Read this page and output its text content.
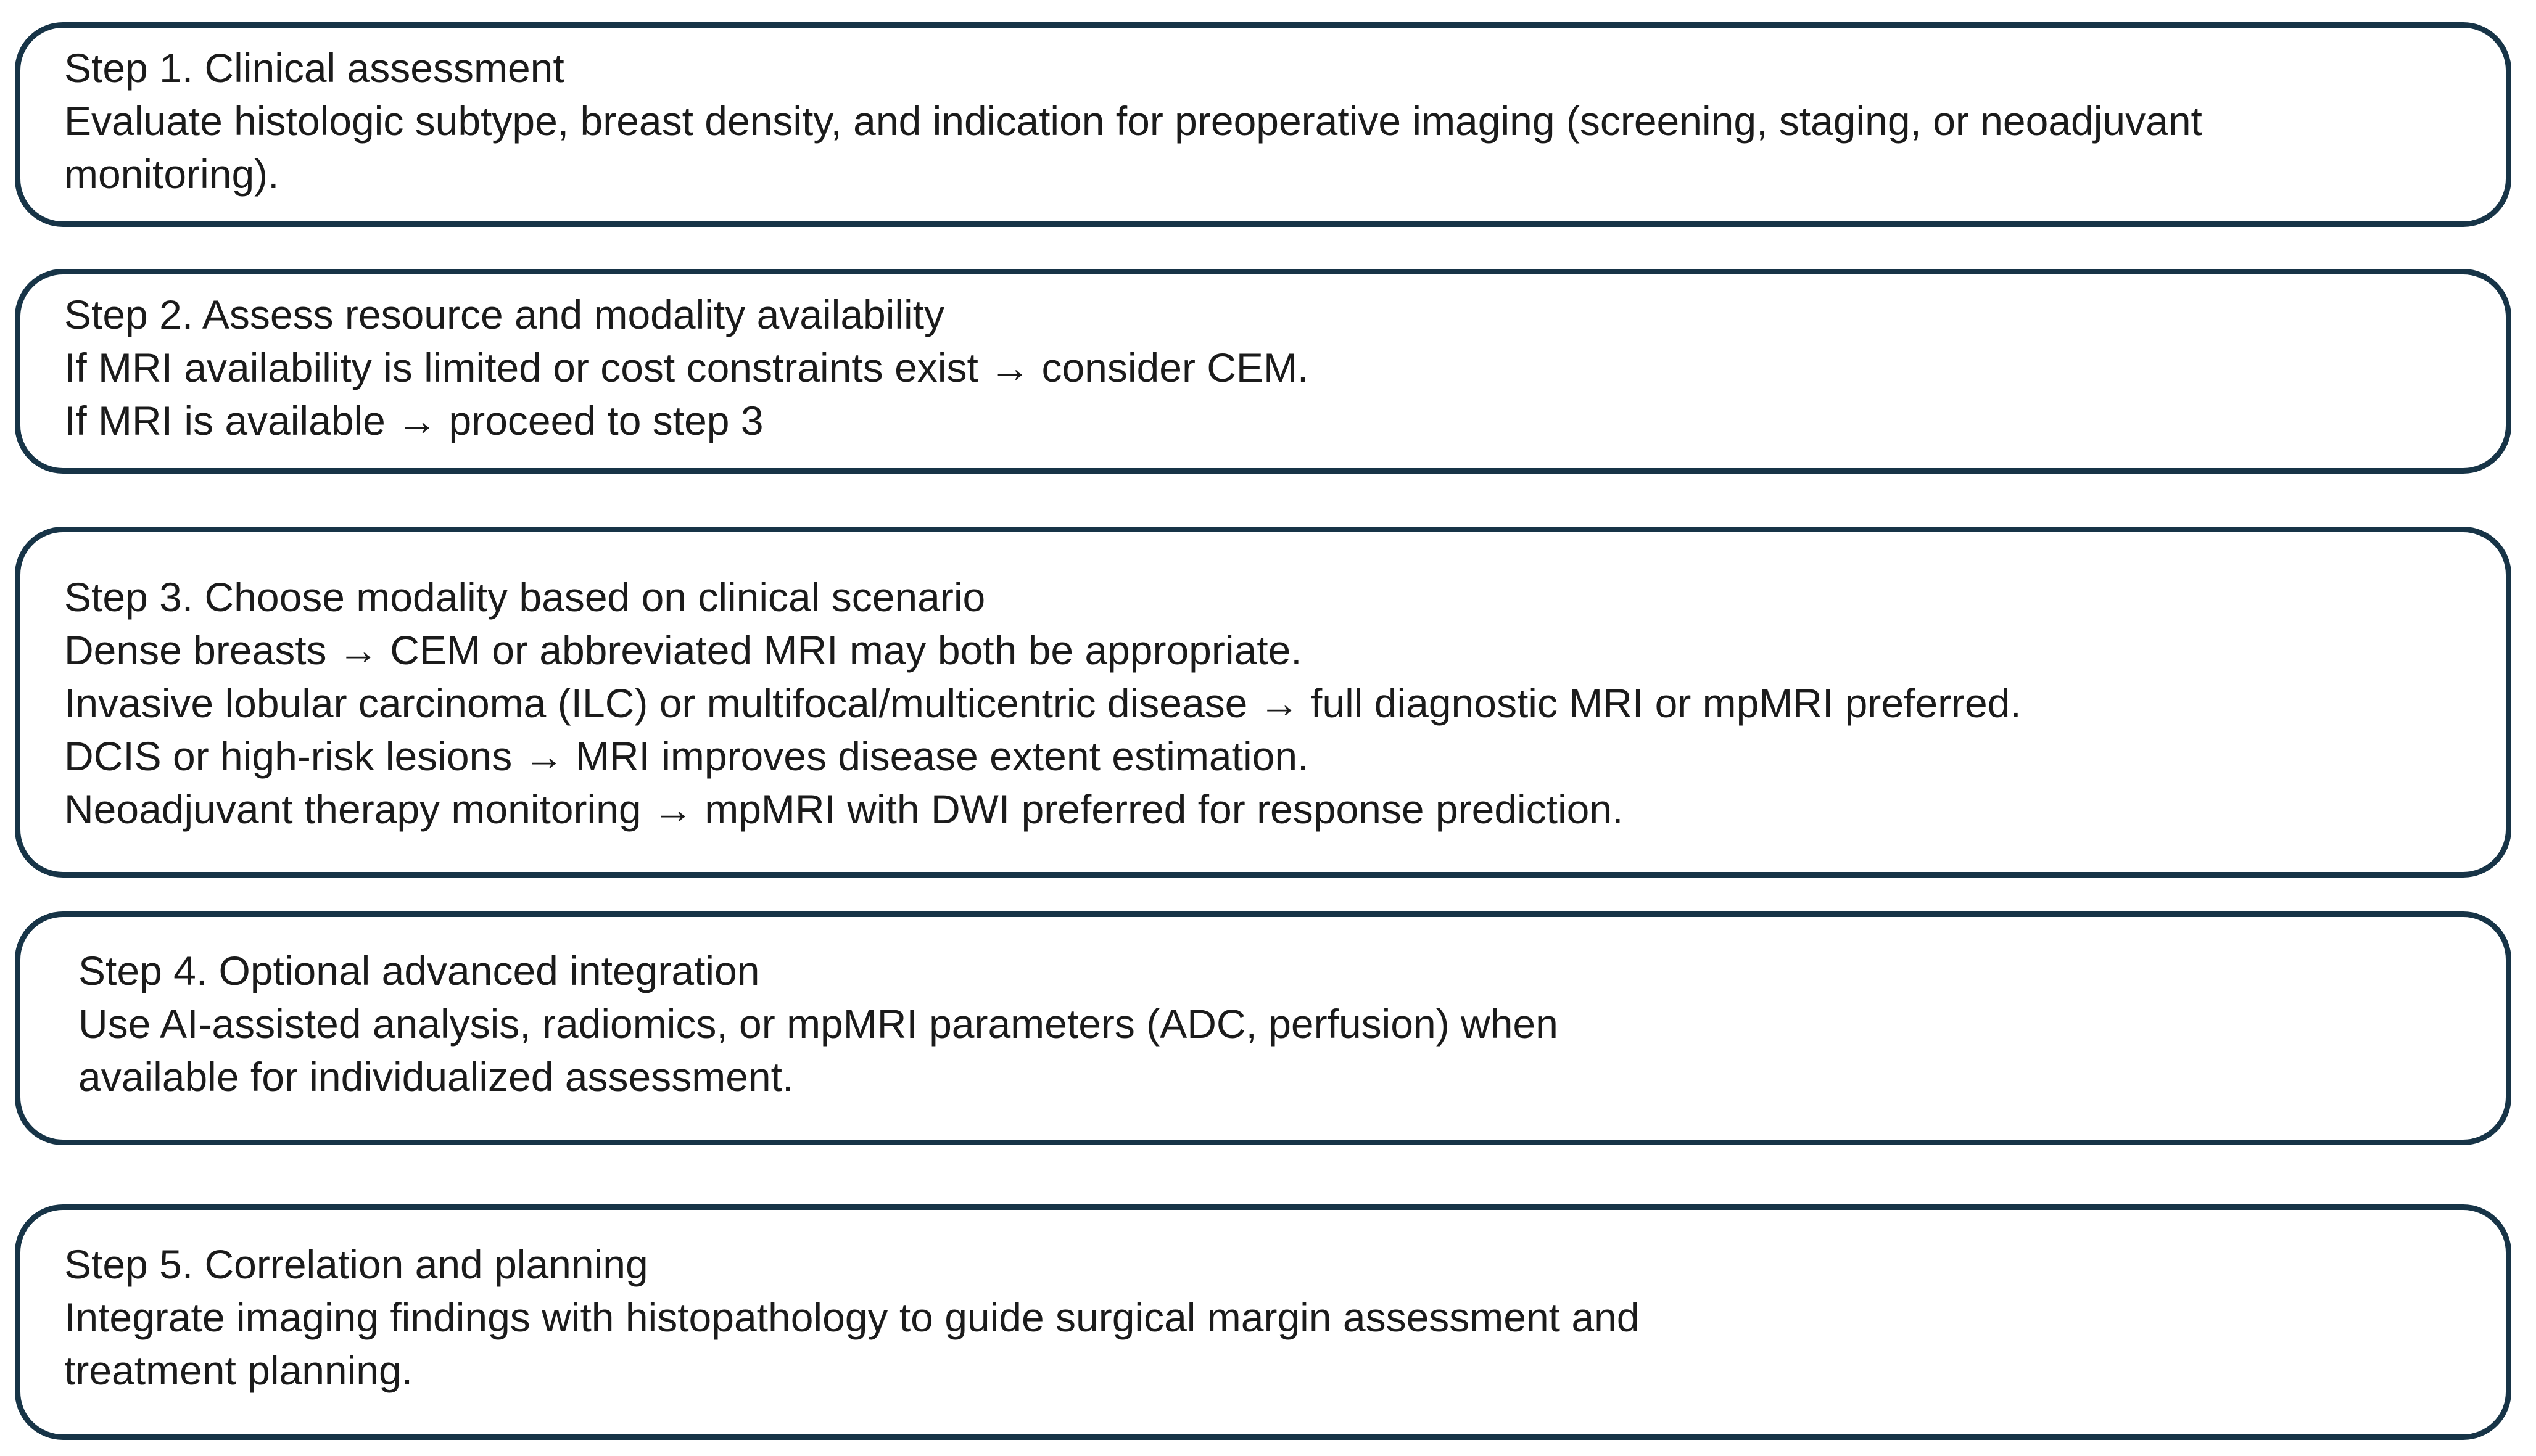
Step 1. Clinical assessment
Evaluate histologic subtype, breast density, and indication for preoperative imaging (screening, staging, or neoadjuvant
monitoring).
Step 2. Assess resource and modality availability
If MRI availability is limited or cost constraints exist → consider CEM.
If MRI is available → proceed to step 3
Step 3. Choose modality based on clinical scenario
Dense breasts → CEM or abbreviated MRI may both be appropriate.
Invasive lobular carcinoma (ILC) or multifocal/multicentric disease → full diagnostic MRI or mpMRI preferred.
DCIS or high-risk lesions → MRI improves disease extent estimation.
Neoadjuvant therapy monitoring → mpMRI with DWI preferred for response prediction.
Step 4. Optional advanced integration
Use AI-assisted analysis, radiomics, or mpMRI parameters (ADC, perfusion) when
available for individualized assessment.
Step 5. Correlation and planning
Integrate imaging findings with histopathology to guide surgical margin assessment and
treatment planning.
